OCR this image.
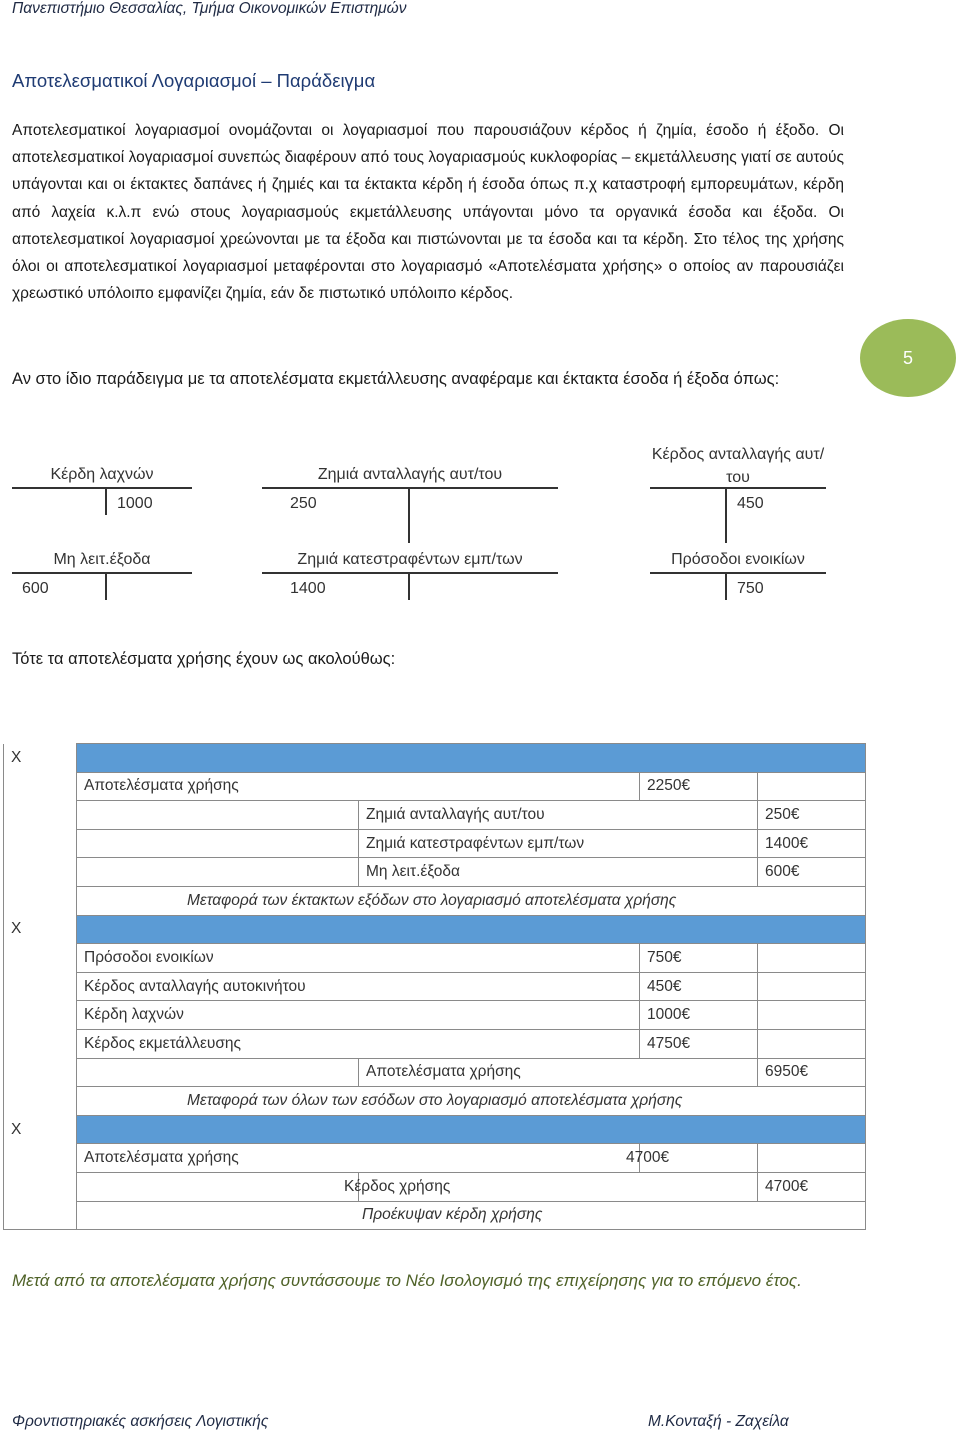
Πανεπιστήμιο Θεσσαλίας, Τμήμα Οικονομικών Επιστημών
Αποτελεσματικοί Λογαριασμοί – Παράδειγμα

Αποτελεσματικοί λογαριασμοί ονομάζονται οι λογαριασμοί που παρουσιάζουν κέρδος ή ζημία, έσοδο ή έξοδο. Οι αποτελεσματικοί λογαριασμοί συνεπώς διαφέρουν από τους λογαριασμούς κυκλοφορίας – εκμετάλλευσης γιατί σε αυτούς υπάγονται και οι έκτακτες δαπάνες ή ζημιές και τα έκτακτα κέρδη ή έσοδα όπως π.χ καταστροφή εμπορευμάτων, κέρδη από λαχεία κ.λ.π ενώ στους λογαριασμούς εκμετάλλευσης υπάγονται μόνο τα οργανικά έσοδα και έξοδα. Οι αποτελεσματικοί λογαριασμοί χρεώνονται με τα έξοδα και πιστώνονται με τα έσοδα και τα κέρδη. Στο τέλος της χρήσης όλοι οι αποτελεσματικοί λογαριασμοί μεταφέρονται στο λογαριασμό «Αποτελέσματα χρήσης» ο οποίος αν παρουσιάζει χρεωστικό υπόλοιπο εμφανίζει ζημία, εάν δε πιστωτικό υπόλοιπο κέρδος.

Αν στο ίδιο παράδειγμα με τα αποτελέσματα εκμετάλλευσης αναφέραμε και έκτακτα έσοδα ή έξοδα όπως:

5
Κέρδη λαχνών
1000
Ζημιά ανταλλαγής αυτ/του
250
Κέρδος ανταλλαγής αυτ/του
450
Μη λειτ.έξοδα
600
Ζημιά κατεστραφέντων εμπ/των
1400
Πρόσοδοι ενοικίων
750
Τότε τα αποτελέσματα χρήσης έχουν ως ακολούθως:
Χ				
	Αποτελέσματα χρήσης		2250€	
		Ζημιά ανταλλαγής αυτ/του		250€
		Ζημιά κατεστραφέντων εμπ/των		1400€
		Μη λειτ.έξοδα		600€
	Μεταφορά των έκτακτων εξόδων στο λογαριασμό αποτελέσματα χρήσης			
Χ				
	Πρόσοδοι ενοικίων		750€	
	Κέρδος ανταλλαγής αυτοκινήτου		450€	
	Κέρδη λαχνών		1000€	
	Κέρδος εκμετάλλευσης		4750€	
		Αποτελέσματα χρήσης		6950€
	Μεταφορά των όλων των εσόδων στο λογαριασμό αποτελέσματα χρήσης			
Χ				
	Αποτελέσματα χρήσης		4700€	
		Κέρδος χρήσης		4700€
	Προέκυψαν κέρδη χρήσης			
Μετά από τα αποτελέσματα χρήσης συντάσσουμε το Νέο Ισολογισμό της επιχείρησης για το επόμενο έτος.
Φροντιστηριακές ασκήσεις Λογιστικής	Μ.Κονταξή - Ζαχείλα
